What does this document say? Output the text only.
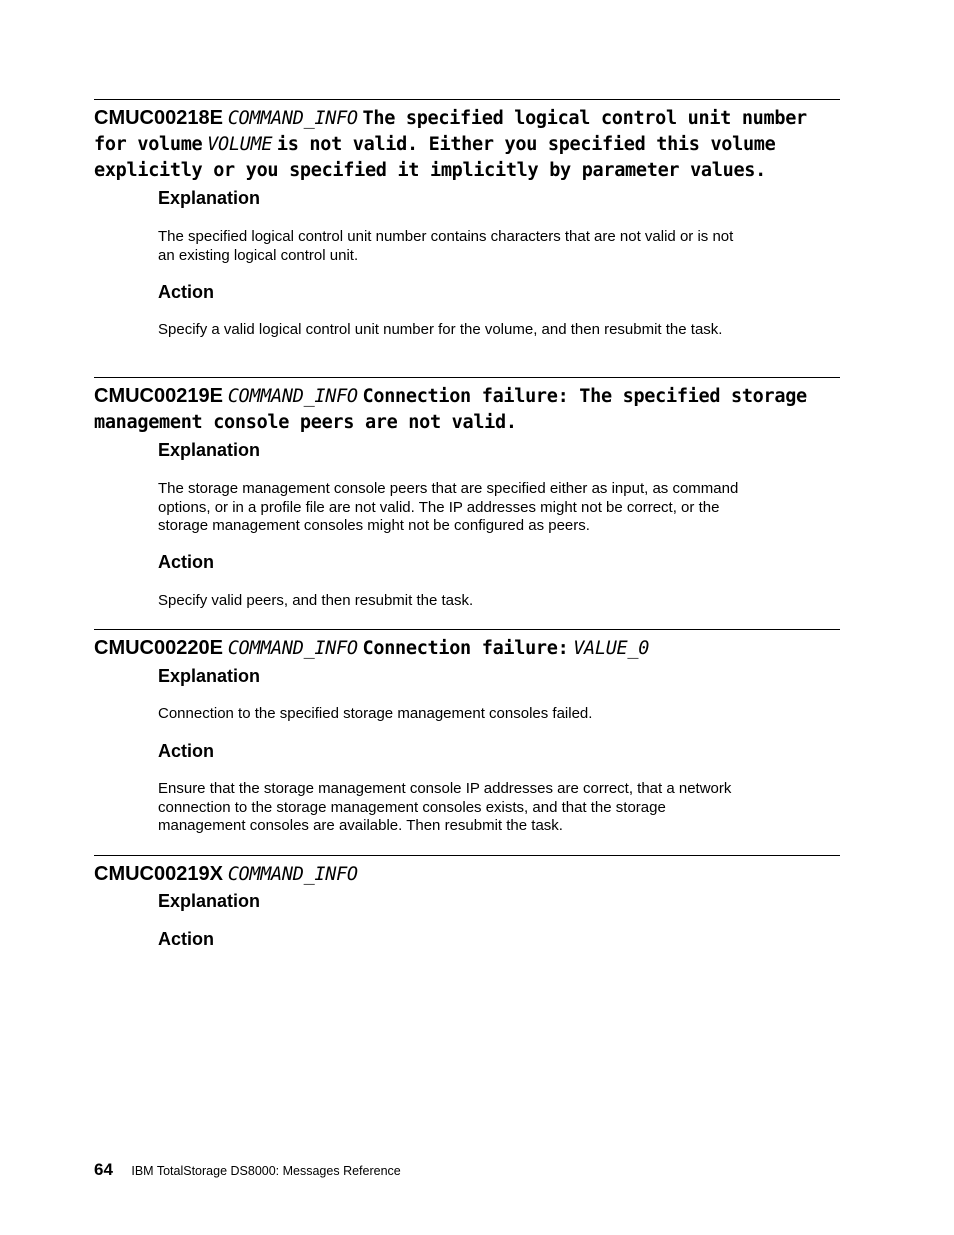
CMUC00218E COMMAND_INFO The specified logical control unit number for volume VOLUME is not valid. Either you specified this volume explicitly or you specified it implicitly by parameter values.
Explanation

The specified logical control unit number contains characters that are not valid or is not an existing logical control unit.

Action

Specify a valid logical control unit number for the volume, and then resubmit the task.

CMUC00219E COMMAND_INFO Connection failure: The specified storage management console peers are not valid.
Explanation

The storage management console peers that are specified either as input, as command options, or in a profile file are not valid. The IP addresses might not be correct, or the storage management consoles might not be configured as peers.

Action

Specify valid peers, and then resubmit the task.

CMUC00220E COMMAND_INFO Connection failure: VALUE_0
Explanation

Connection to the specified storage management consoles failed.

Action

Ensure that the storage management console IP addresses are correct, that a network connection to the storage management consoles exists, and that the storage management consoles are available. Then resubmit the task.

CMUC00219X COMMAND_INFO
Explanation
Action
64 IBM TotalStorage DS8000: Messages Reference
